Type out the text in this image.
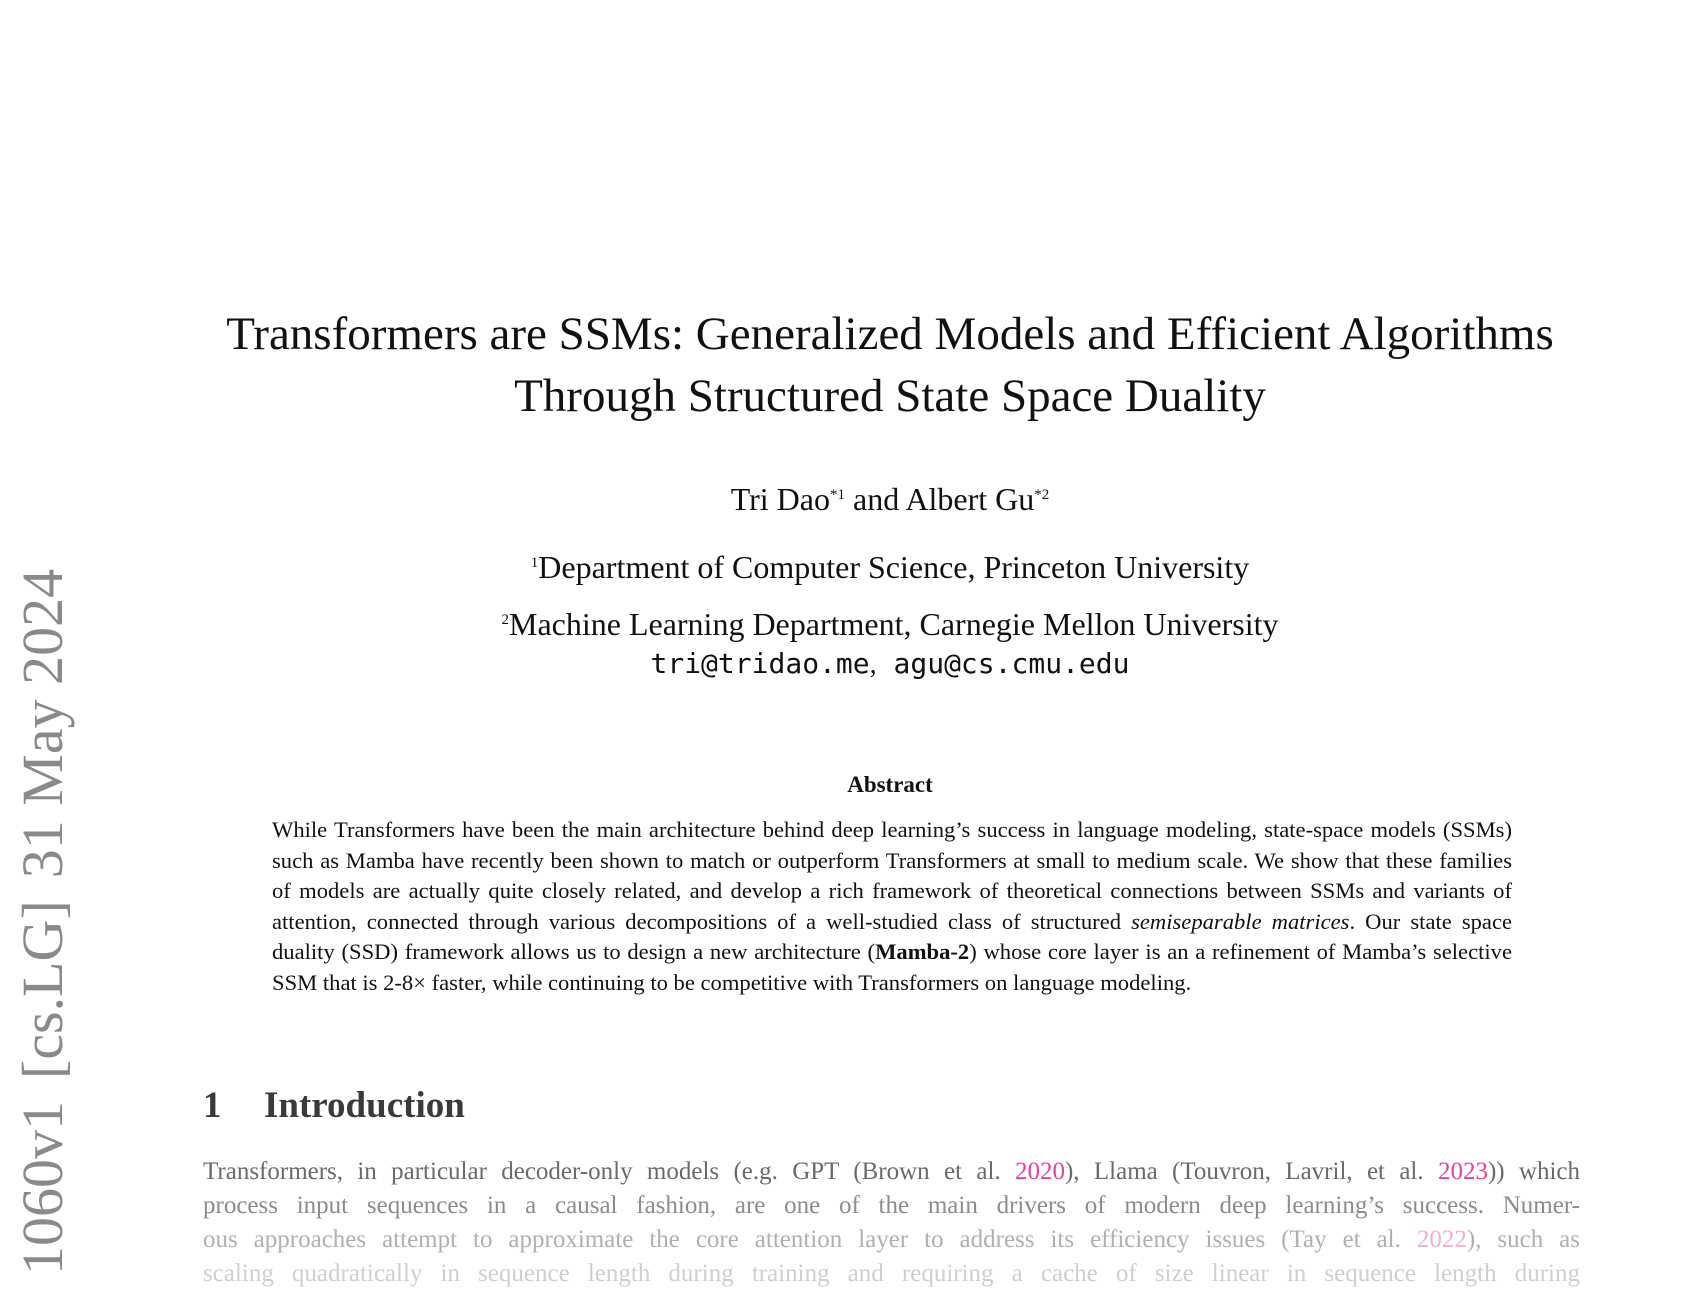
1060v1[cs.LG]31 May 2024
Transformers are SSMs: Generalized Models and Efficient Algorithms
Through Structured State Space Duality
Tri Dao$^{*1}$ and Albert Gu$^{*2}$
$^1$Department of Computer Science, Princeton University
$^2$Machine Learning Department, Carnegie Mellon University
tri@tridao.me, agu@cs.cmu.edu
Abstract

While Transformers have been the main architecture behind deep learning’s success in language modeling, state-space models (SSMs) such as Mamba have recently been shown to match or outperform Transformers at small to medium scale. We show that these families of models are actually quite closely related, and develop a rich framework of theoretical connections between SSMs and variants of attention, connected through various decompositions of a well-studied class of structured semiseparable matrices. Our state space duality (SSD) framework allows us to design a new architecture (Mamba-2) whose core layer is an a refinement of Mamba’s selective SSM that is 2-8× faster, while continuing to be competitive with Transformers on language modeling.

1 Introduction
Transformers, in particular decoder-only models (e.g. GPT (Brown et al. 2020), Llama (Touvron, Lavril, et al. 2023)) which
process input sequences in a causal fashion, are one of the main drivers of modern deep learning’s success. Numer-
ous approaches attempt to approximate the core attention layer to address its efficiency issues (Tay et al. 2022), such as
scaling quadratically in sequence length during training and requiring a cache of size linear in sequence length during
